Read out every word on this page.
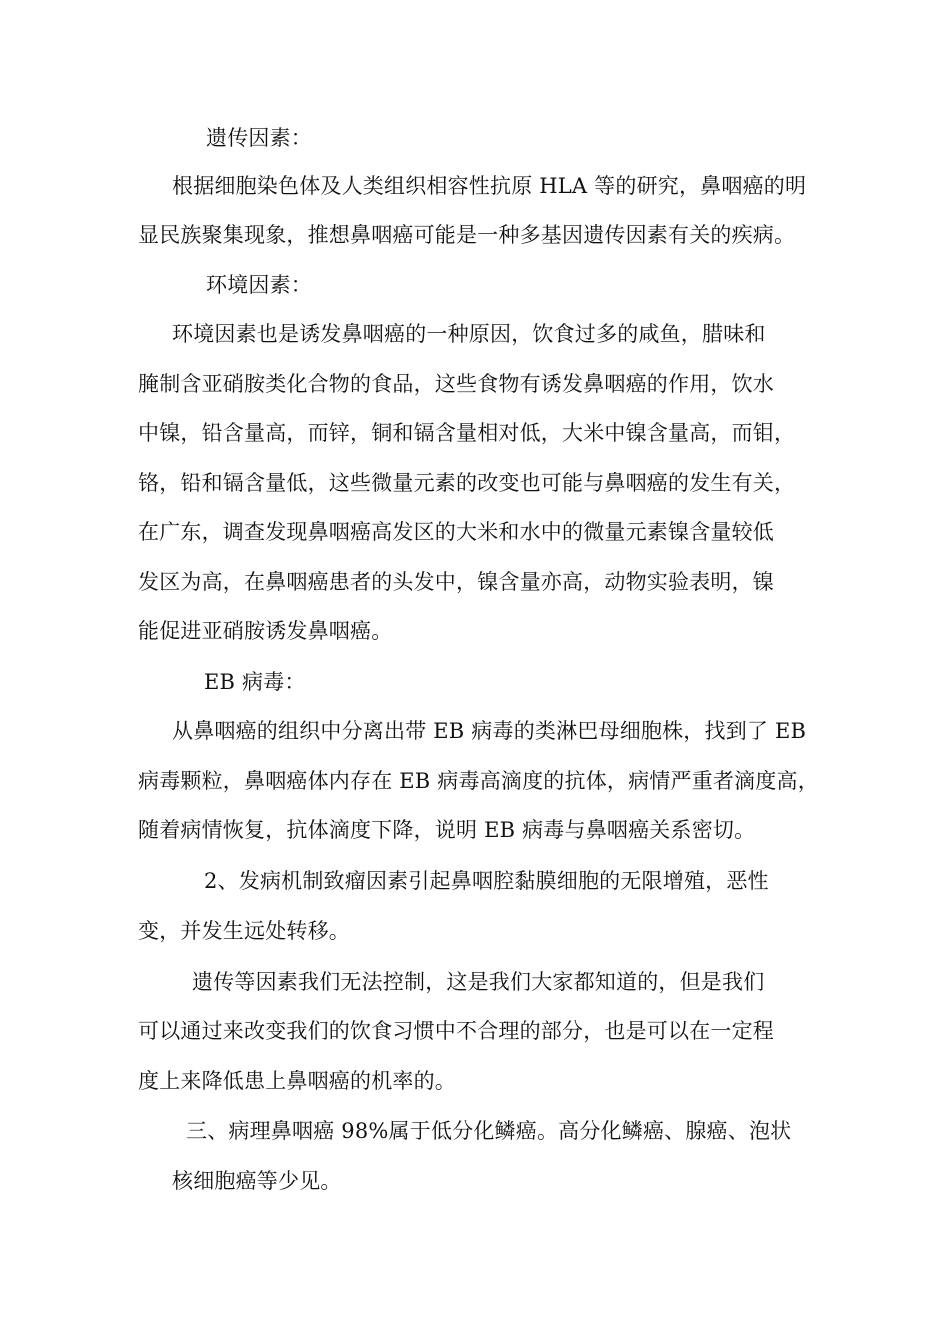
遗传因素：
根据细胞染色体及人类组织相容性抗原 HLA 等的研究，鼻咽癌的明
显民族聚集现象，推想鼻咽癌可能是一种多基因遗传因素有关的疾病。
环境因素：
环境因素也是诱发鼻咽癌的一种原因，饮食过多的咸鱼，腊味和
腌制含亚硝胺类化合物的食品，这些食物有诱发鼻咽癌的作用，饮水
中镍，铅含量高，而锌，铜和镉含量相对低，大米中镍含量高，而钼，
铬，铅和镉含量低，这些微量元素的改变也可能与鼻咽癌的发生有关，
在广东，调查发现鼻咽癌高发区的大米和水中的微量元素镍含量较低
发区为高，在鼻咽癌患者的头发中，镍含量亦高，动物实验表明，镍
能促进亚硝胺诱发鼻咽癌。
EB 病毒：
从鼻咽癌的组织中分离出带 EB 病毒的类淋巴母细胞株，找到了 EB
病毒颗粒，鼻咽癌体内存在 EB 病毒高滴度的抗体，病情严重者滴度高，
随着病情恢复，抗体滴度下降，说明 EB 病毒与鼻咽癌关系密切。
2、发病机制致瘤因素引起鼻咽腔黏膜细胞的无限增殖，恶性
变，并发生远处转移。
遗传等因素我们无法控制，这是我们大家都知道的，但是我们
可以通过来改变我们的饮食习惯中不合理的部分，也是可以在一定程
度上来降低患上鼻咽癌的机率的。
三、病理鼻咽癌 98%属于低分化鳞癌。高分化鳞癌、腺癌、泡状
核细胞癌等少见。
